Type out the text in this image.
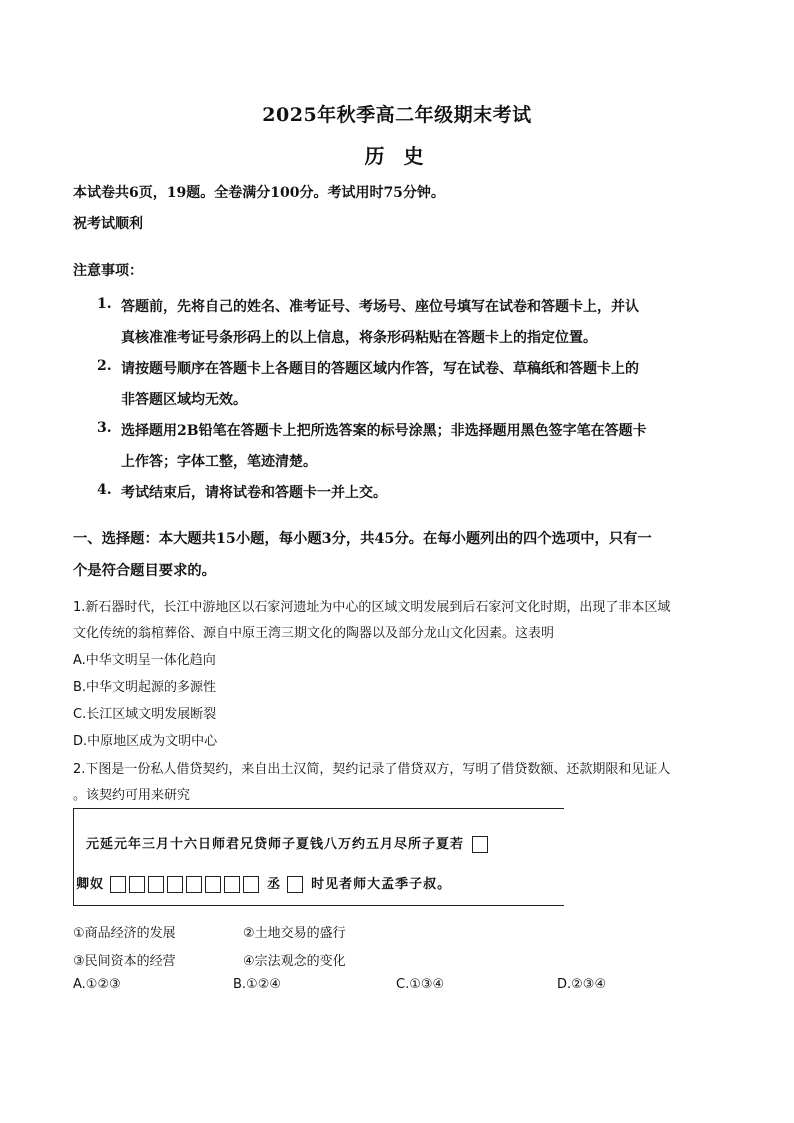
2025年秋季高二年级期末考试
历 史
本试卷共6页，19题。全卷满分100分。考试用时75分钟。
祝考试顺利
注意事项：
1. 答题前，先将自己的姓名、准考证号、考场号、座位号填写在试卷和答题卡上，并认
真核准准考证号条形码上的以上信息，将条形码粘贴在答题卡上的指定位置。
2. 请按题号顺序在答题卡上各题目的答题区域内作答，写在试卷、草稿纸和答题卡上的
非答题区域均无效。
3. 选择题用2B铅笔在答题卡上把所选答案的标号涂黑；非选择题用黑色签字笔在答题卡
上作答；字体工整，笔迹清楚。
4. 考试结束后，请将试卷和答题卡一并上交。
一、选择题：本大题共15小题，每小题3分，共45分。在每小题列出的四个选项中，只有一
个是符合题目要求的。
1.新石器时代，长江中游地区以石家河遗址为中心的区域文明发展到后石家河文化时期，出现了非本区域
文化传统的翁棺葬俗、源自中原王湾三期文化的陶器以及部分龙山文化因素。这表明
A.中华文明呈一体化趋向
B.中华文明起源的多源性
C.长江区域文明发展断裂
D.中原地区成为文明中心
2.下图是一份私人借贷契约，来自出土汉简，契约记录了借贷双方，写明了借贷数额、还款期限和见证人
。该契约可用来研究
元延元年三月十六日师君兄贷师子夏钱八万约五月尽所子夏若
卿奴	丞 时见者师大孟季子叔。
①商品经济的发展	②土地交易的盛行
③民间资本的经营	④宗法观念的变化
A.①②③	B.①②④	C.①③④	D.②③④
